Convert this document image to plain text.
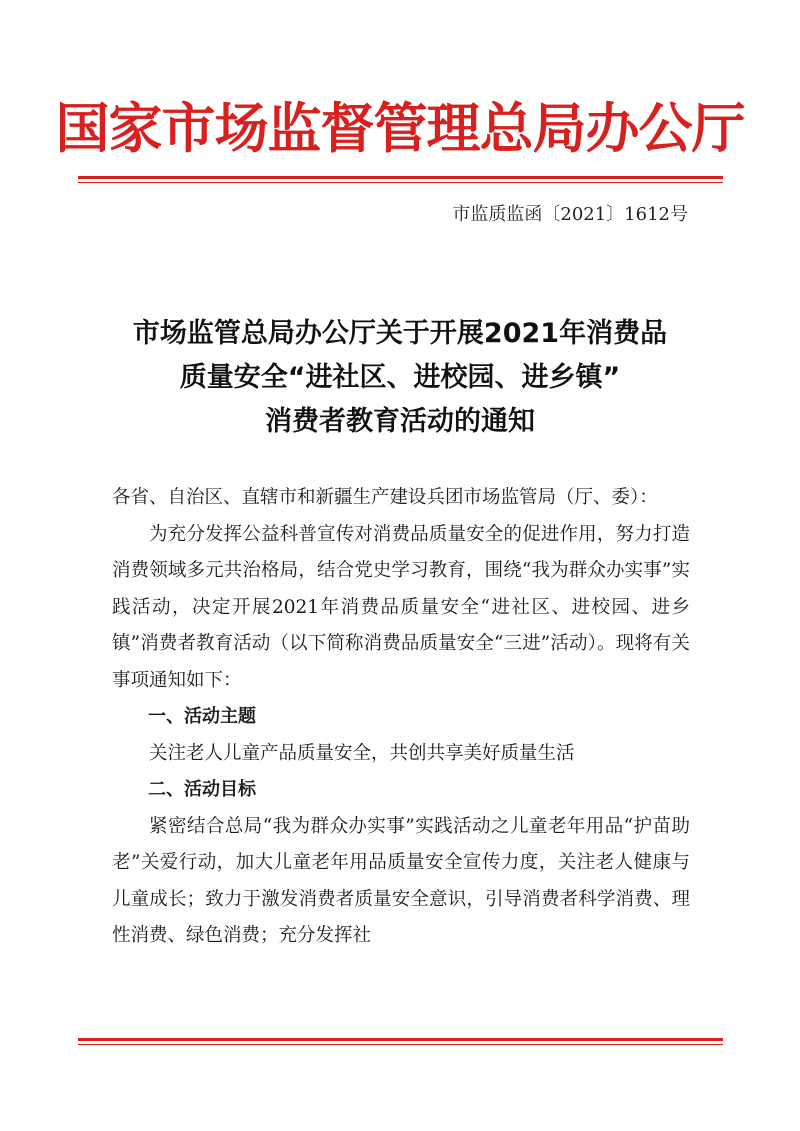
国家市场监督管理总局办公厅

市监质监函〔2021〕1612号

市场监管总局办公厅关于开展2021年消费品
质量安全“进社区、进校园、进乡镇”
消费者教育活动的通知

各省、自治区、直辖市和新疆生产建设兵团市场监管局（厅、委）：

为充分发挥公益科普宣传对消费品质量安全的促进作用，努力打造消费领域多元共治格局，结合党史学习教育，围绕“我为群众办实事”实践活动，决定开展2021年消费品质量安全“进社区、进校园、进乡镇”消费者教育活动（以下简称消费品质量安全“三进”活动）。现将有关事项通知如下：

一、活动主题

关注老人儿童产品质量安全，共创共享美好质量生活

二、活动目标

紧密结合总局“我为群众办实事”实践活动之儿童老年用品“护苗助老”关爱行动，加大儿童老年用品质量安全宣传力度，关注老人健康与儿童成长；致力于激发消费者质量安全意识，引导消费者科学消费、理性消费、绿色消费；充分发挥社
